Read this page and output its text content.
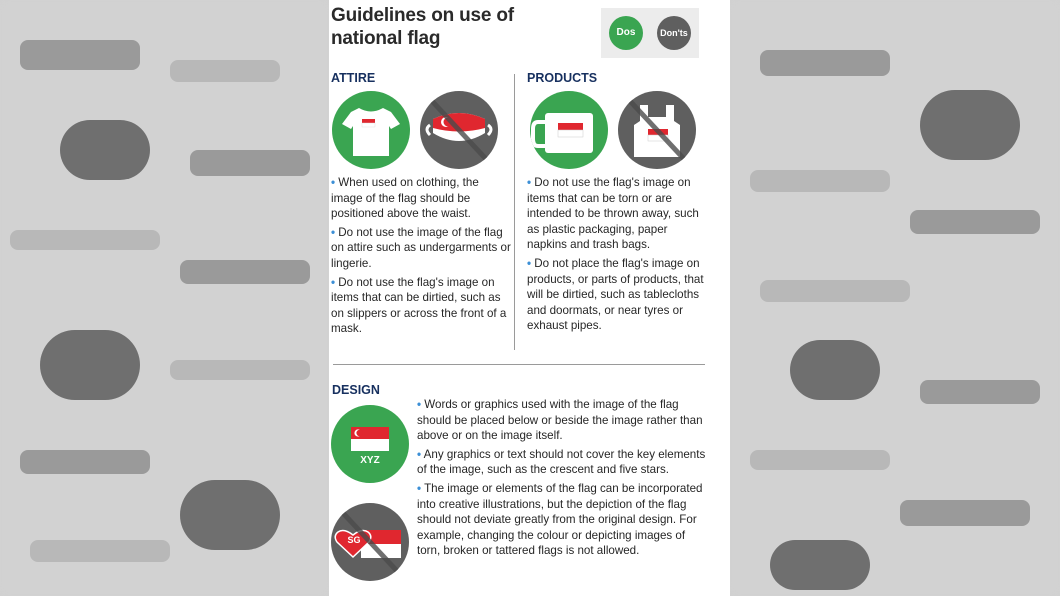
Guidelines on use of
national flag	Dos	Don'ts
ATTIRE

• When used on clothing, the image of the flag should be positioned above the waist.

• Do not use the image of the flag on attire such as undergarments or lingerie.

• Do not use the flag's image on items that can be dirtied, such as on slippers or across the front of a mask.

PRODUCTS

• Do not use the flag's image on items that can be torn or are intended to be thrown away, such as plastic packaging, paper napkins and trash bags.

• Do not place the flag's image on products, or parts of products, that will be dirtied, such as tablecloths and doormats, or near tyres or exhaust pipes.

DESIGN
XYZ
SG

• Words or graphics used with the image of the flag should be placed below or beside the image rather than above or on the image itself.

• Any graphics or text should not cover the key elements of the image, such as the crescent and five stars.

• The image or elements of the flag can be incorporated into creative illustrations, but the depiction of the flag should not deviate greatly from the original design. For example, changing the colour or depicting images of torn, broken or tattered flags is not allowed.
